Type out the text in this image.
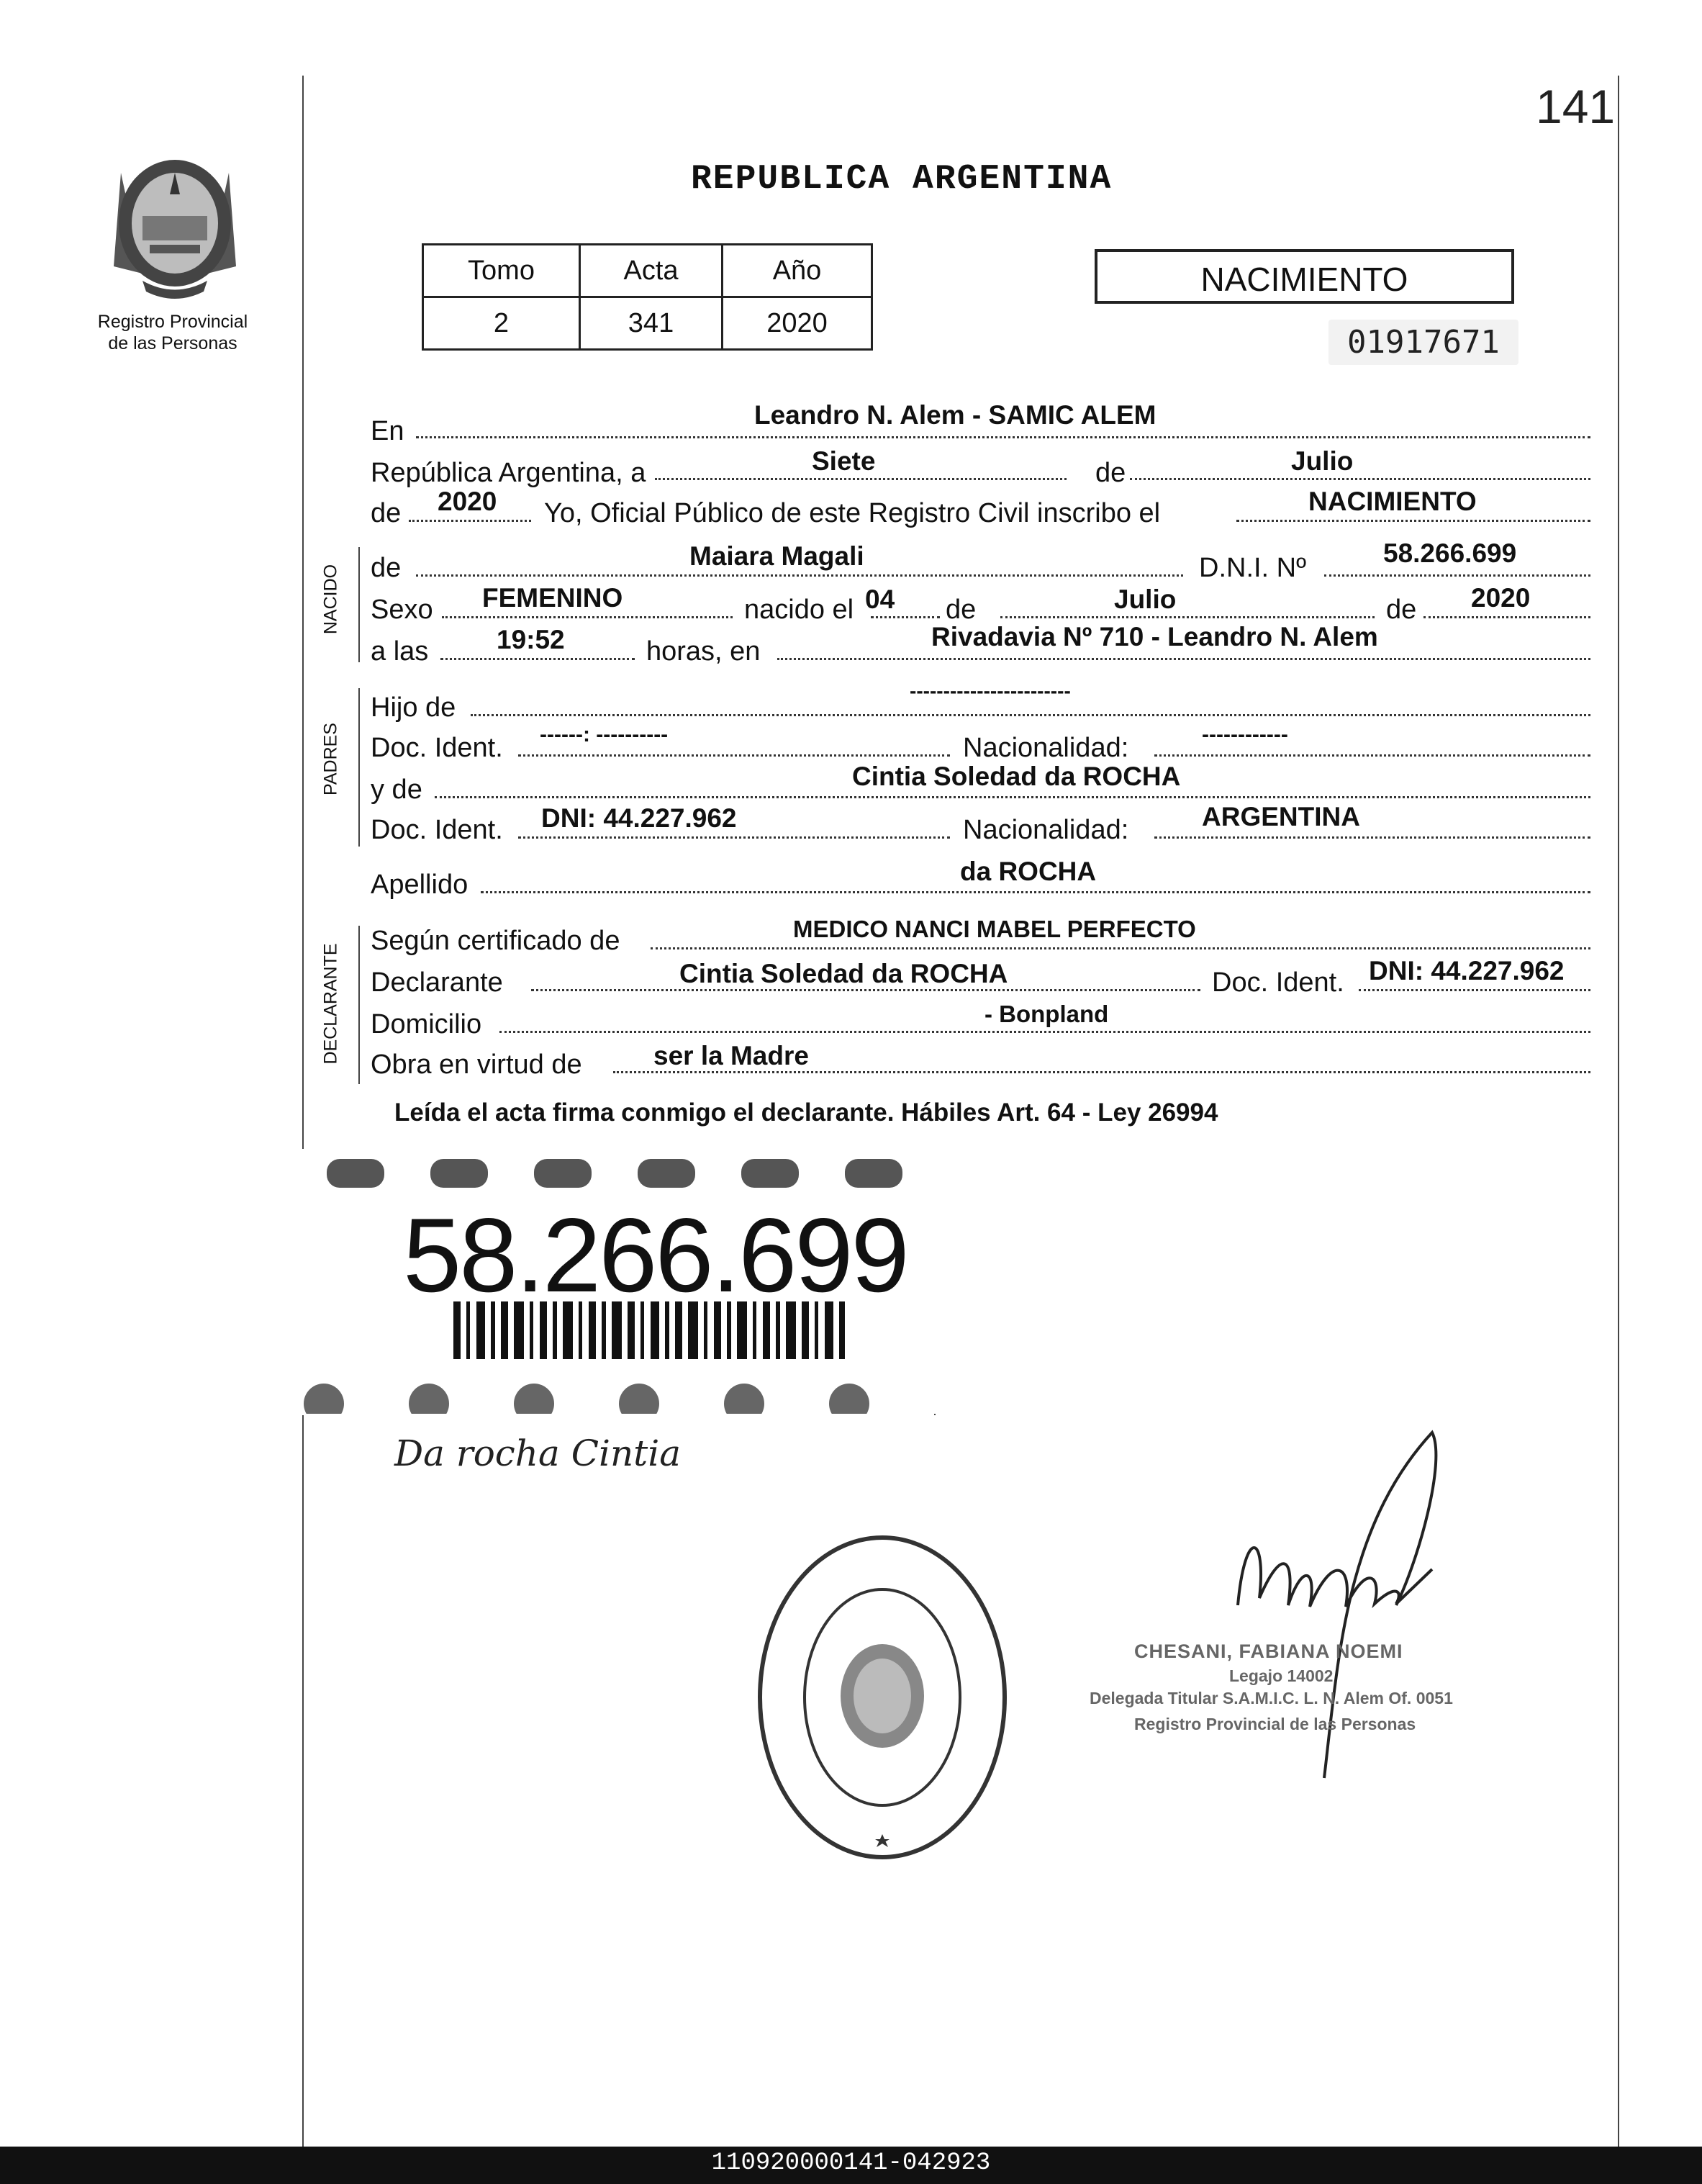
141
Registro Provincial
de las Personas
REPUBLICA ARGENTINA
Tomo	Acta	Año
2	341	2020
NACIMIENTO
01917671
En
Leandro N. Alem - SAMIC ALEM
República Argentina, a	Siete	de	Julio
de 2020 Yo, Oficial Público de este Registro Civil inscribo el	NACIMIENTO
NACIDO de	Maiara Magali	D.N.I. Nº	58.266.699
Sexo FEMENINO	nacido el 04 de	Julio	de 2020
a las	19:52	horas, en	Rivadavia Nº 710 - Leandro N. Alem
PADRES
Hijo de
------------------------
Doc. Ident. ------: ----------	Nacionalidad:	------------
y de	Cintia Soledad da ROCHA
Doc. Ident. DNI: 44.227.962	Nacionalidad:	ARGENTINA
Apellido	da ROCHA
DECLARANTE
Según certificado de	MEDICO NANCI MABEL PERFECTO
Declarante	Cintia Soledad da ROCHA	Doc. Ident. DNI: 44.227.962
Domicilio	- Bonpland
Obra en virtud de	ser la Madre
Leída el acta firma conmigo el declarante. Hábiles Art. 64 - Ley 26994
58.266.699
Da rocha Cintia
CHESANI, FABIANA NOEMI
Legajo 14002
Delegada Titular S.A.M.I.C. L. N. Alem Of. 0051
Registro Provincial de las Personas
110920000141-042923
